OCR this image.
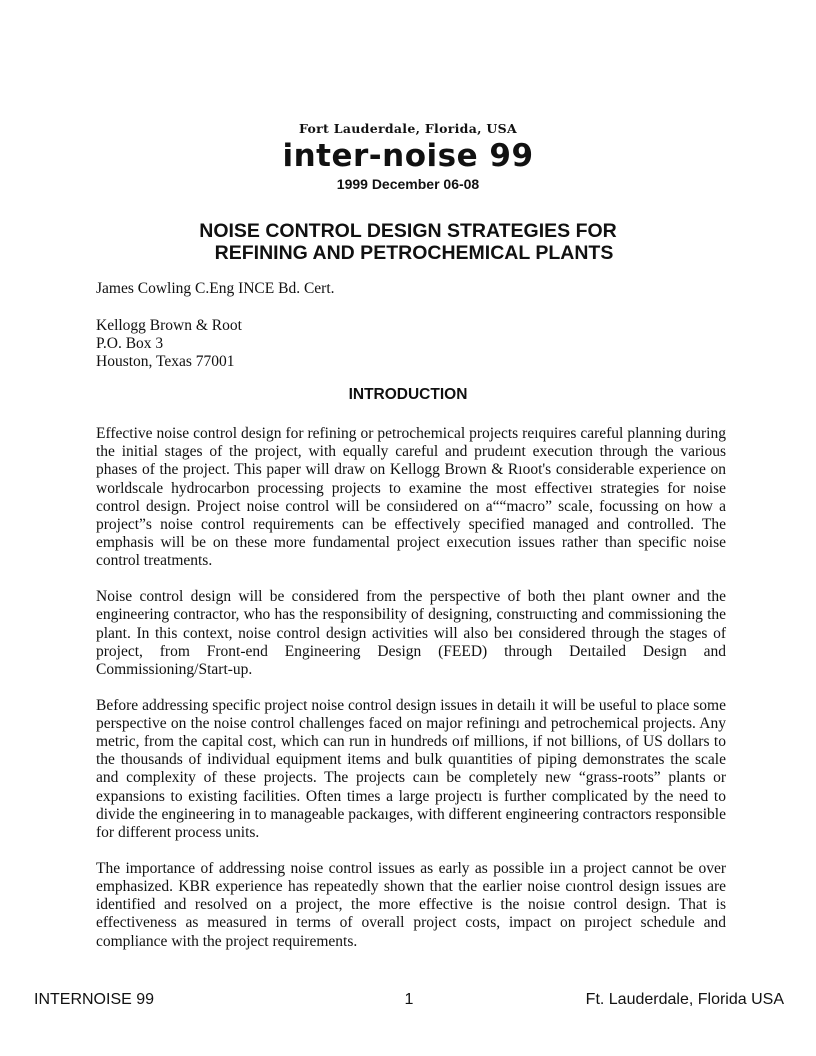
Fort Lauderdale, Florida, USA
inter-noise 99
1999 December 06-08
NOISE CONTROL DESIGN STRATEGIES FOR
REFINING AND PETROCHEMICAL PLANTS
James Cowling C.Eng INCE Bd. Cert.
Kellogg Brown & Root
P.O. Box 3
Houston, Texas 77001
INTRODUCTION

Effective noise control design for refining or petrochemical projects reıquires careful planning during the initial stages of the project, with equally careful and prudeınt execution through the various phases of the project. This paper will draw on Kellogg Brown & Rıoot's considerable experience on worldscale hydrocarbon processing projects to examine the most effectiveı strategies for noise control design. Project noise control will be consiıdered on a““macro” scale, focussing on how a project”s noise control requirements can be effectively specified managed and controlled. The emphasis will be on these more fundamental project eıxecution issues rather than specific noise control treatments.

Noise control design will be considered from the perspective of both theı plant owner and the engineering contractor, who has the responsibility of designing, construıcting and commissioning the plant. In this context, noise control design activities will also beı considered through the stages of project, from Front-end Engineering Design (FEED) through Deıtailed Design and Commissioning/Start-up.

Before addressing specific project noise control design issues in detailı it will be useful to place some perspective on the noise control challenges faced on major refiningı and petrochemical projects. Any metric, from the capital cost, which can run in hundreds oıf millions, if not billions, of US dollars to the thousands of individual equipment items and bulk quıantities of piping demonstrates the scale and complexity of these projects. The projects caın be completely new “grass-roots” plants or expansions to existing facilities. Often times a large projectı is further complicated by the need to divide the engineering in to manageable packaıges, with different engineering contractors responsible for different process units.

The importance of addressing noise control issues as early as possible iın a project cannot be over emphasized. KBR experience has repeatedly shown that the earlier noise cıontrol design issues are identified and resolved on a project, the more effective is the noisıe control design. That is effectiveness as measured in terms of overall project costs, impact on pıroject schedule and compliance with the project requirements.

INTERNOISE 99	1	Ft. Lauderdale, Florida USA
